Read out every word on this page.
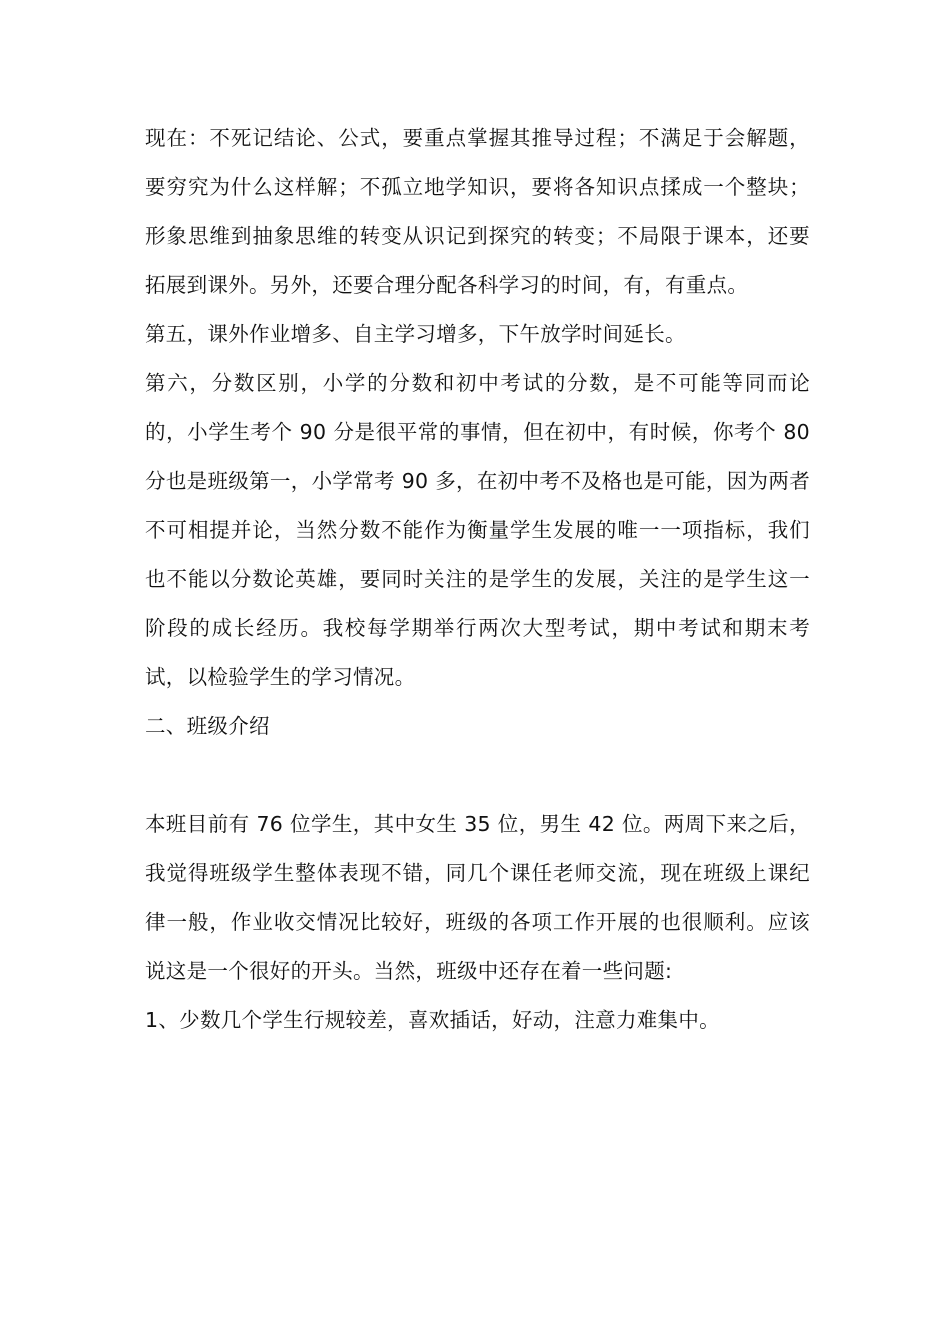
现在：不死记结论、公式，要重点掌握其推导过程；不满足于会解题，要穷究为什么这样解；不孤立地学知识，要将各知识点揉成一个整块；形象思维到抽象思维的转变从识记到探究的转变；不局限于课本，还要拓展到课外。另外，还要合理分配各科学习的时间，有，有重点。

第五，课外作业增多、自主学习增多，下午放学时间延长。

第六，分数区别，小学的分数和初中考试的分数，是不可能等同而论的，小学生考个 90 分是很平常的事情，但在初中，有时候，你考个 80 分也是班级第一，小学常考 90 多，在初中考不及格也是可能，因为两者不可相提并论，当然分数不能作为衡量学生发展的唯一一项指标，我们也不能以分数论英雄，要同时关注的是学生的发展，关注的是学生这一阶段的成长经历。我校每学期举行两次大型考试，期中考试和期末考试，以检验学生的学习情况。

二、班级介绍

本班目前有 76 位学生，其中女生 35 位，男生 42 位。两周下来之后，我觉得班级学生整体表现不错，同几个课任老师交流，现在班级上课纪律一般，作业收交情况比较好，班级的各项工作开展的也很顺利。应该说这是一个很好的开头。当然，班级中还存在着一些问题:

1、少数几个学生行规较差，喜欢插话，好动，注意力难集中。
